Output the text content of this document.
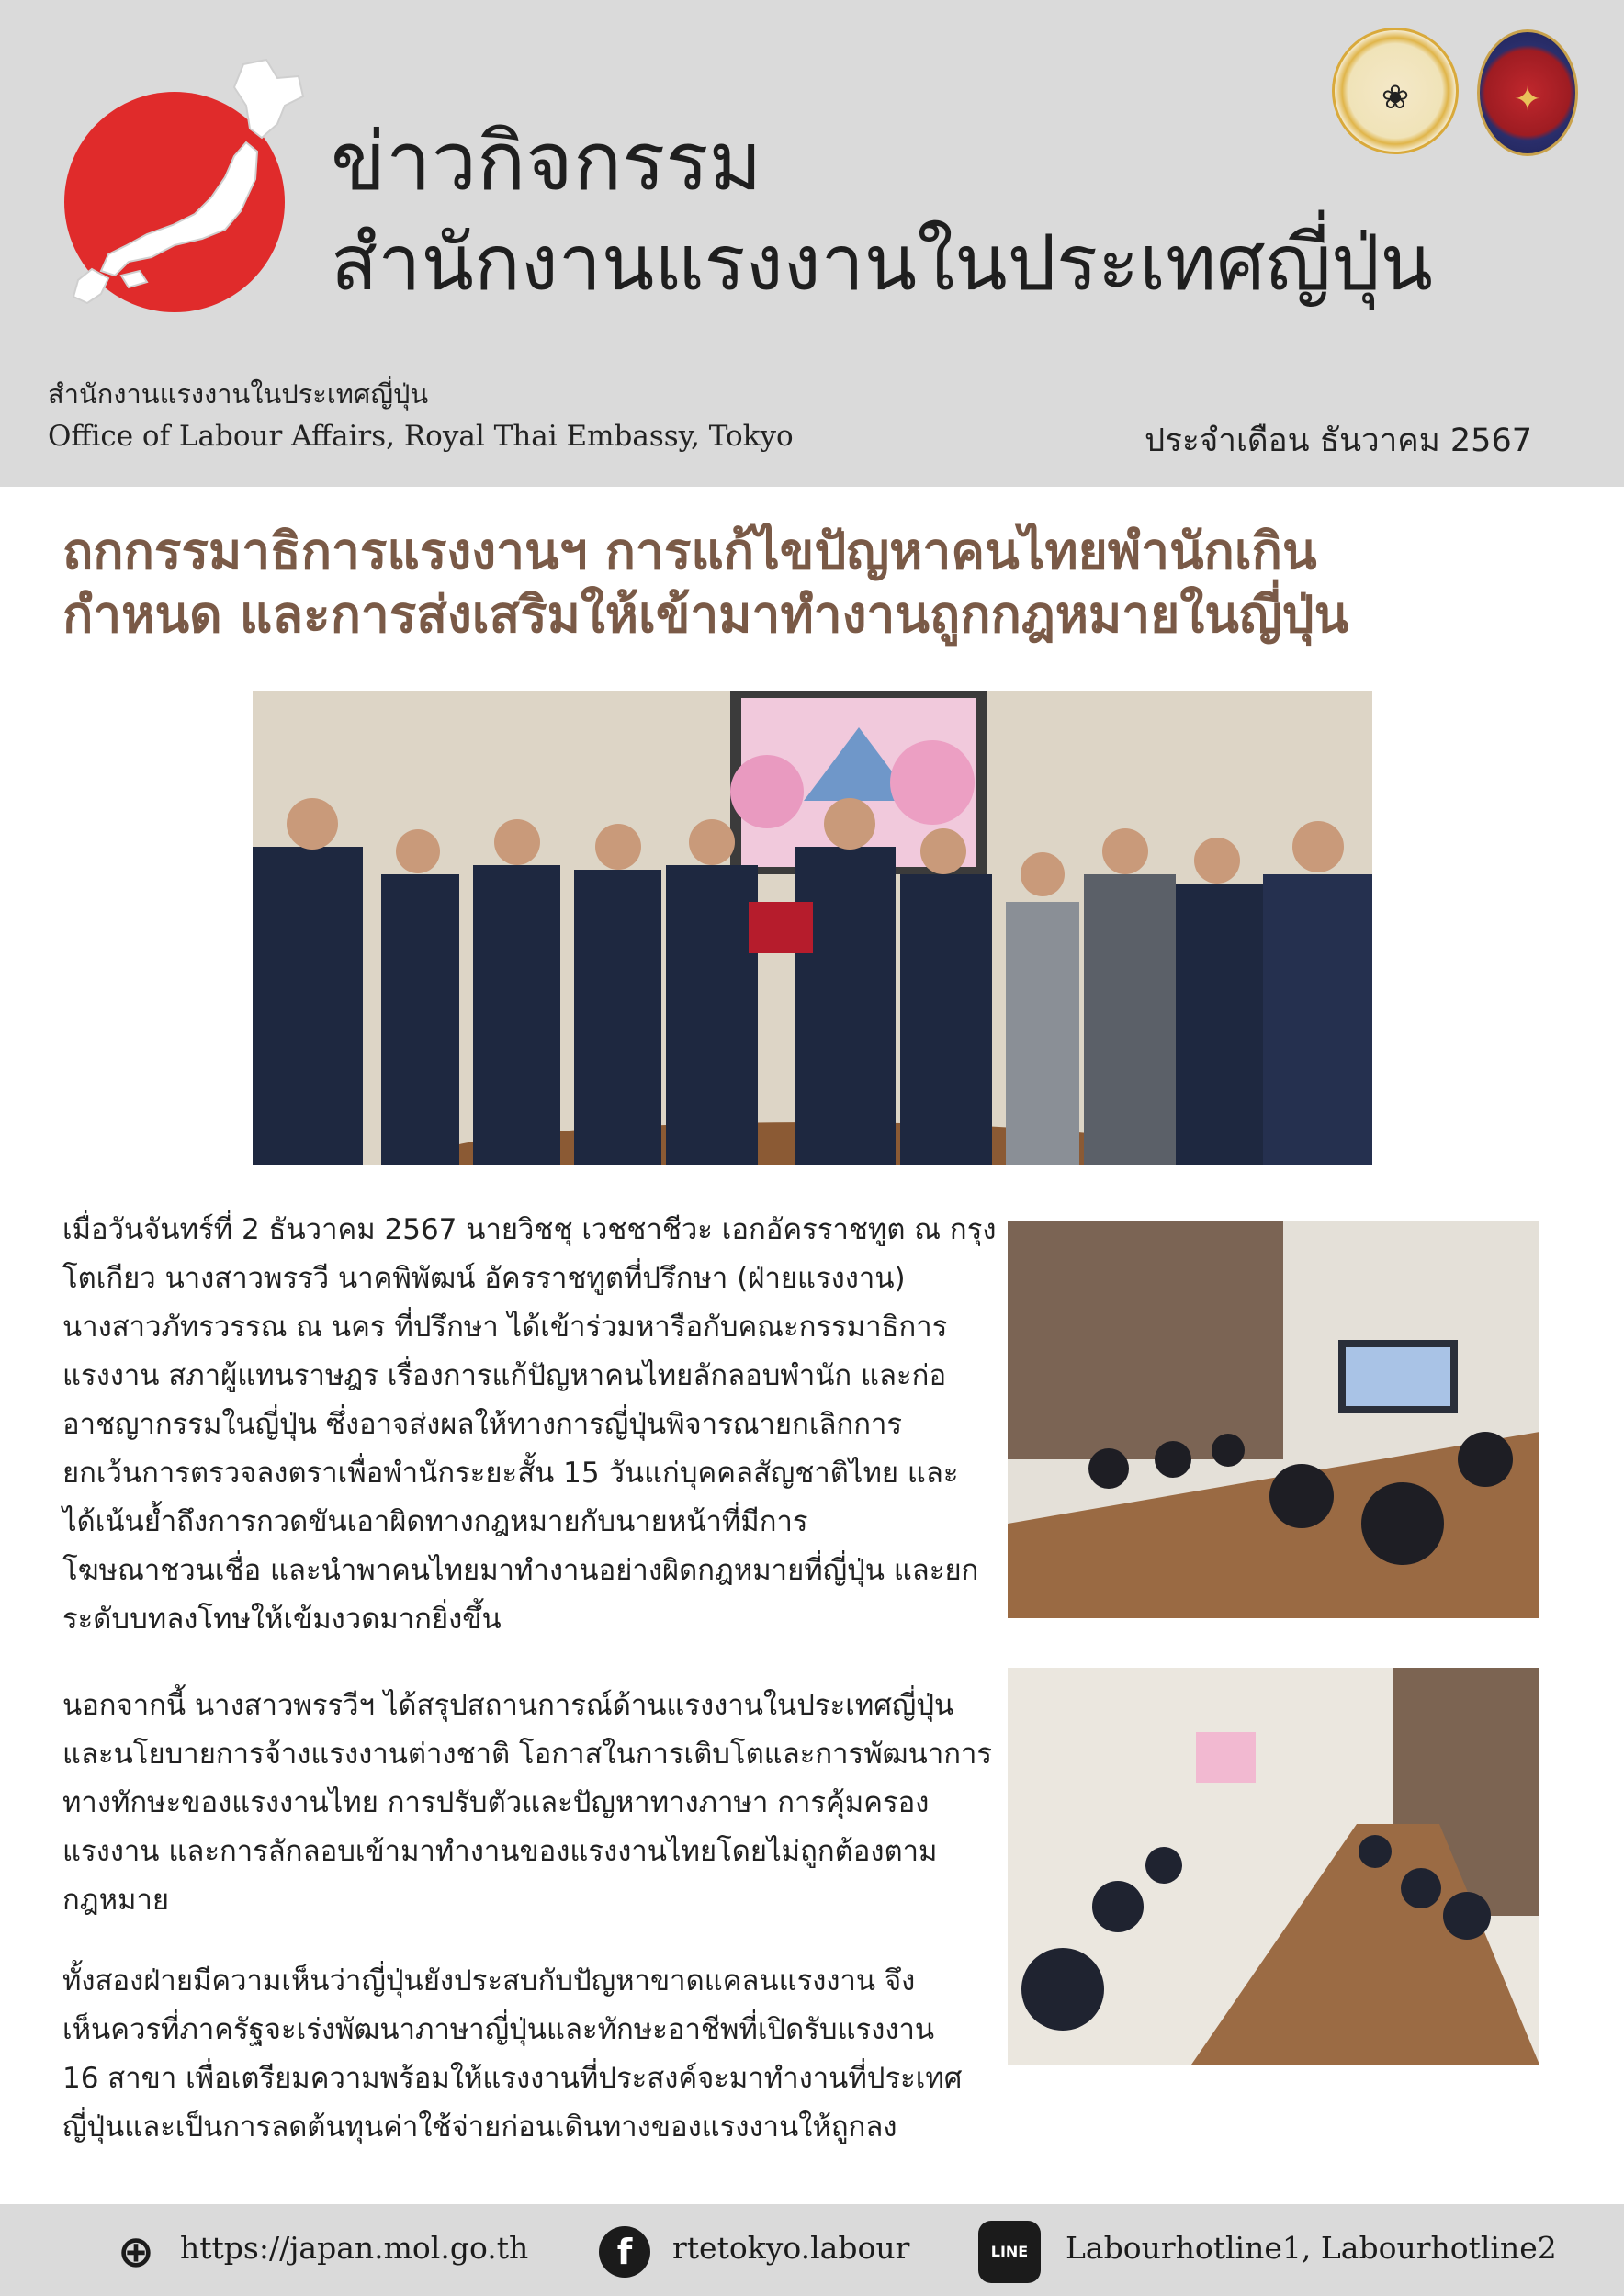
ข่าวกิจกรรม
สำนักงานแรงงานในประเทศญี่ปุ่น
❀	✦
สำนักงานแรงงานในประเทศญี่ปุ่น
Office of Labour Affairs, Royal Thai Embassy, Tokyo	ประจำเดือน ธันวาคม 2567
ถกกรรมาธิการแรงงานฯ การแก้ไขปัญหาคนไทยพำนักเกิน
กำหนด และการส่งเสริมให้เข้ามาทำงานถูกกฎหมายในญี่ปุ่น
เมื่อวันจันทร์ที่ 2 ธันวาคม 2567 นายวิชชุ เวชชาชีวะ เอกอัครราชทูต ณ กรุง
โตเกียว นางสาวพรรวี นาคพิพัฒน์ อัครราชทูตที่ปรึกษา (ฝ่ายแรงงาน)
นางสาวภัทรวรรณ ณ นคร ที่ปรึกษา ได้เข้าร่วมหารือกับคณะกรรมาธิการ
แรงงาน สภาผู้แทนราษฎร เรื่องการแก้ปัญหาคนไทยลักลอบพำนัก และก่อ
อาชญากรรมในญี่ปุ่น ซึ่งอาจส่งผลให้ทางการญี่ปุ่นพิจารณายกเลิกการ
ยกเว้นการตรวจลงตราเพื่อพำนักระยะสั้น 15 วันแก่บุคคลสัญชาติไทย และ
ได้เน้นย้ำถึงการกวดขันเอาผิดทางกฎหมายกับนายหน้าที่มีการ
โฆษณาชวนเชื่อ และนำพาคนไทยมาทำงานอย่างผิดกฎหมายที่ญี่ปุ่น และยก
ระดับบทลงโทษให้เข้มงวดมากยิ่งขึ้น
นอกจากนี้ นางสาวพรรวีฯ ได้สรุปสถานการณ์ด้านแรงงานในประเทศญี่ปุ่น
และนโยบายการจ้างแรงงานต่างชาติ โอกาสในการเติบโตและการพัฒนาการ
ทางทักษะของแรงงานไทย การปรับตัวและปัญหาทางภาษา การคุ้มครอง
แรงงาน และการลักลอบเข้ามาทำงานของแรงงานไทยโดยไม่ถูกต้องตาม
กฎหมาย
ทั้งสองฝ่ายมีความเห็นว่าญี่ปุ่นยังประสบกับปัญหาขาดแคลนแรงงาน จึง
เห็นควรที่ภาครัฐจะเร่งพัฒนาภาษาญี่ปุ่นและทักษะอาชีพที่เปิดรับแรงงาน
16 สาขา เพื่อเตรียมความพร้อมให้แรงงานที่ประสงค์จะมาทำงานที่ประเทศ
ญี่ปุ่นและเป็นการลดต้นทุนค่าใช้จ่ายก่อนเดินทางของแรงงานให้ถูกลง
⊕ https://japan.mol.go.th	f	rtetokyo.labour	LINE	Labourhotline1, Labourhotline2
